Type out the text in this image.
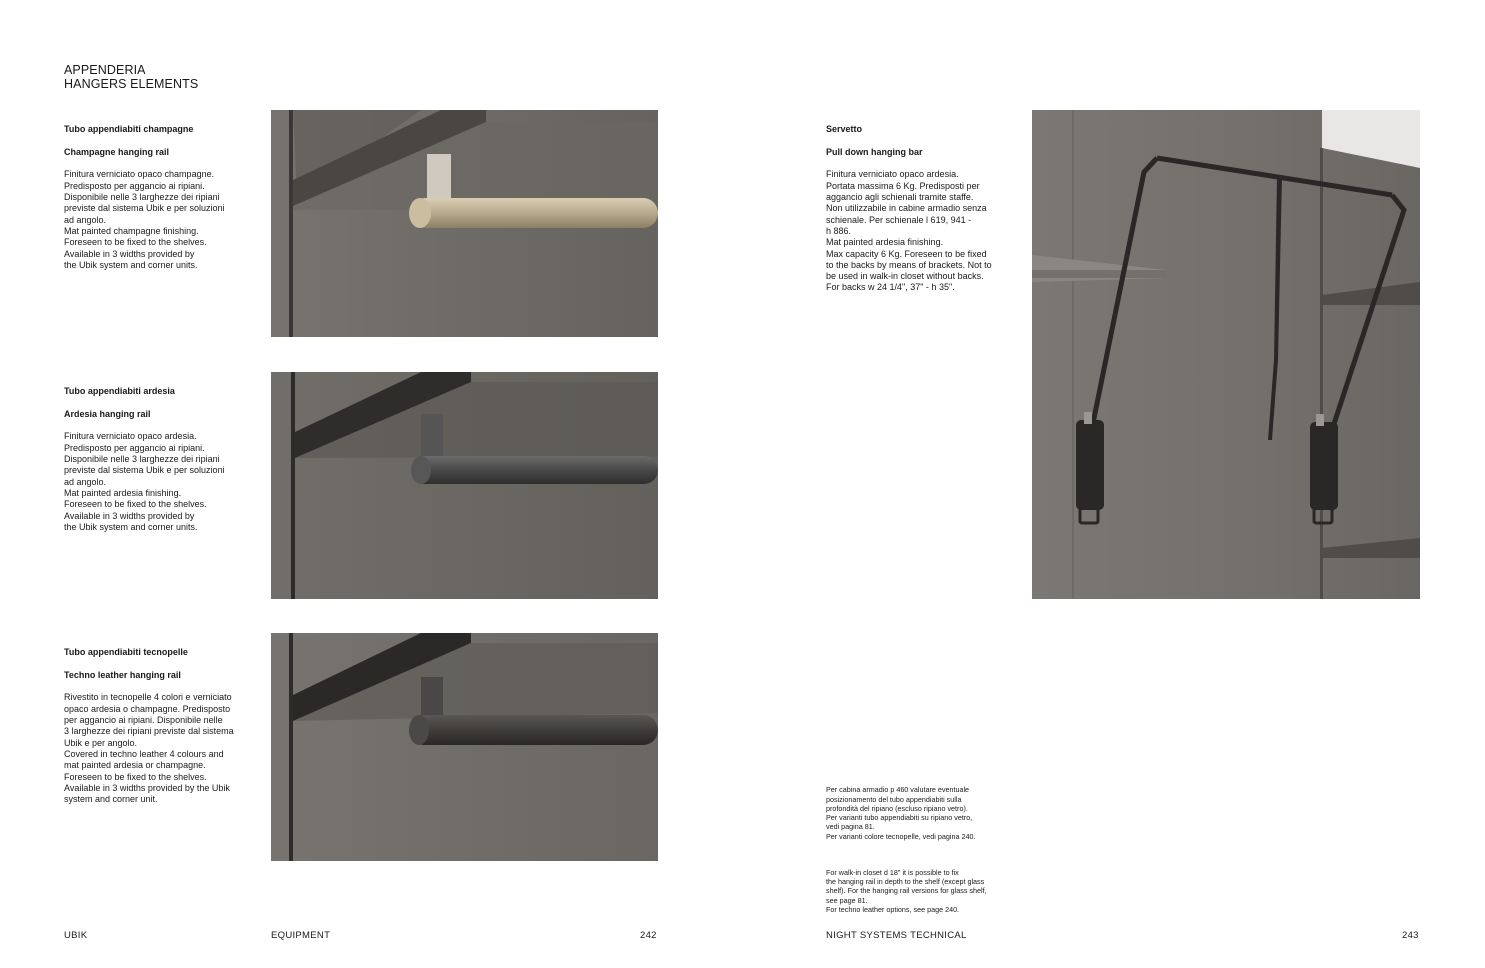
APPENDERIA
HANGERS ELEMENTS

Tubo appendiabiti champagne

Champagne hanging rail

Finitura verniciato opaco champagne.
Predisposto per aggancio ai ripiani.
Disponibile nelle 3 larghezze dei ripiani
previste dal sistema Ubik e per soluzioni
ad angolo.
Mat painted champagne finishing.
Foreseen to be fixed to the shelves.
Available in 3 widths provided by
the Ubik system and corner units.

Tubo appendiabiti ardesia

Ardesia hanging rail

Finitura verniciato opaco ardesia.
Predisposto per aggancio ai ripiani.
Disponibile nelle 3 larghezze dei ripiani
previste dal sistema Ubik e per soluzioni
ad angolo.
Mat painted ardesia finishing.
Foreseen to be fixed to the shelves.
Available in 3 widths provided by
the Ubik system and corner units.

Tubo appendiabiti tecnopelle

Techno leather hanging rail

Rivestito in tecnopelle 4 colori e verniciato
opaco ardesia o champagne. Predisposto
per aggancio ai ripiani. Disponibile nelle
3 larghezze dei ripiani previste dal sistema
Ubik e per angolo.
Covered in techno leather 4 colours and
mat painted ardesia or champagne.
Foreseen to be fixed to the shelves.
Available in 3 widths provided by the Ubik
system and corner unit.

Servetto

Pull down hanging bar

Finitura verniciato opaco ardesia.
Portata massima 6 Kg. Predisposti per
aggancio agli schienali tramite staffe.
Non utilizzabile in cabine armadio senza
schienale. Per schienale l 619, 941 -
h 886.
Mat painted ardesia finishing.
Max capacity 6 Kg. Foreseen to be fixed
to the backs by means of brackets. Not to
be used in walk-in closet without backs.
For backs w 24 1/4", 37" - h 35".

Per cabina armadio p 460 valutare eventuale
posizionamento del tubo appendiabiti sulla
profondità del ripiano (escluso ripiano vetro).
Per varianti tubo appendiabiti su ripiano vetro,
vedi pagina 81.
Per varianti colore tecnopelle, vedi pagina 240.

For walk-in closet d 18" it is possible to fix
the hanging rail in depth to the shelf (except glass
shelf). For the hanging rail versions for glass shelf,
see page 81.
For techno leather options, see page 240.

UBIK	EQUIPMENT	242	NIGHT SYSTEMS TECHNICAL	243
